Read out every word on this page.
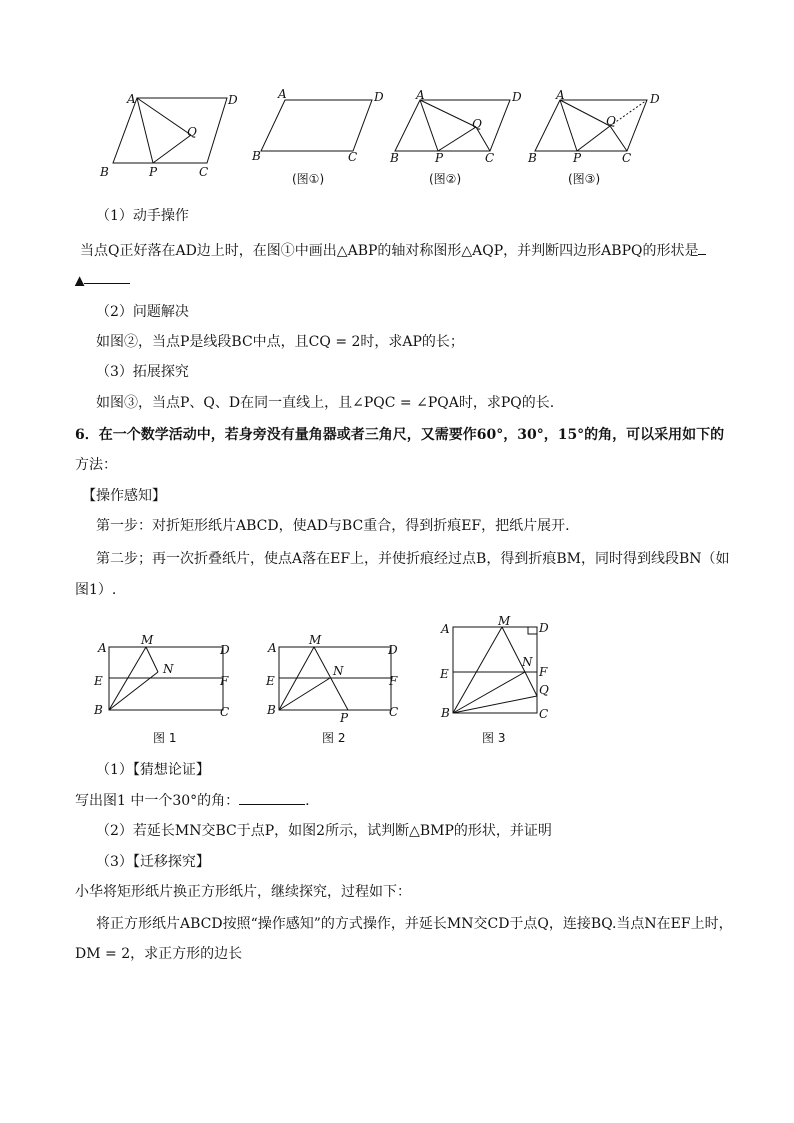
A	D
B	C
P
Q
A	D
B	C
(图①)
A	D
B	C
P
Q
(图②)
A	D
B	C
P
Q
(图③)
（1）动手操作
当点Q正好落在AD边上时，在图①中画出△ABP的轴对称图形△AQP，并判断四边形ABPQ的形状是
▲
（2）问题解决
如图②，当点P是线段BC中点，且CQ = 2时，求AP的长；
（3）拓展探究
如图③，当点P、Q、D在同一直线上，且∠PQC = ∠PQA时，求PQ的长.
6．在一个数学活动中，若身旁没有量角器或者三角尺，又需要作60°，30°，15°的角，可以采用如下的
方法：
【操作感知】
第一步：对折矩形纸片ABCD，使AD与BC重合，得到折痕EF，把纸片展开.
第二步；再一次折叠纸片，使点A落在EF上，并使折痕经过点B，得到折痕BM，同时得到线段BN（如
图1）.
A
M
D
E
N
F
B	C
图 1
A
M
D
E
N
F
B
P	C
图 2
A
M D
E
N
F
Q
B	C
图 3
（1）【猜想论证】
写出图1 中一个30°的角：	.
（2）若延长MN交BC于点P，如图2所示，试判断△BMP的形状，并证明
（3）【迁移探究】
小华将矩形纸片换正方形纸片，继续探究，过程如下：
将正方形纸片ABCD按照“操作感知”的方式操作，并延长MN交CD于点Q，连接BQ.当点N在EF上时，
DM = 2，求正方形的边长
